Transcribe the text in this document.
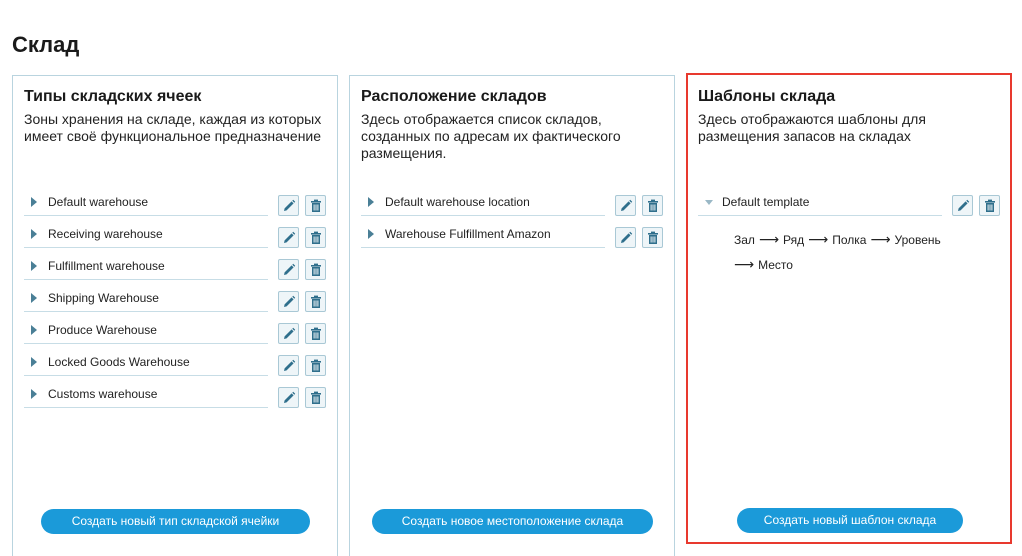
Склад
Типы складских ячеек
Зоны хранения на складе, каждая из которых имеет своё функциональное предназначение
Default warehouse
Receiving warehouse
Fulfillment warehouse
Shipping Warehouse
Produce Warehouse
Locked Goods Warehouse
Customs warehouse
Создать новый тип складской ячейки
Расположение складов
Здесь отображается список складов, созданных по адресам их фактического размещения.
Default warehouse location
Warehouse Fulfillment Amazon
Создать новое местоположение склада
Шаблоны склада
Здесь отображаются шаблоны для размещения запасов на складах
Default template
Зал ⟶ Ряд ⟶ Полка ⟶ Уровень
⟶ Место
Создать новый шаблон склада
